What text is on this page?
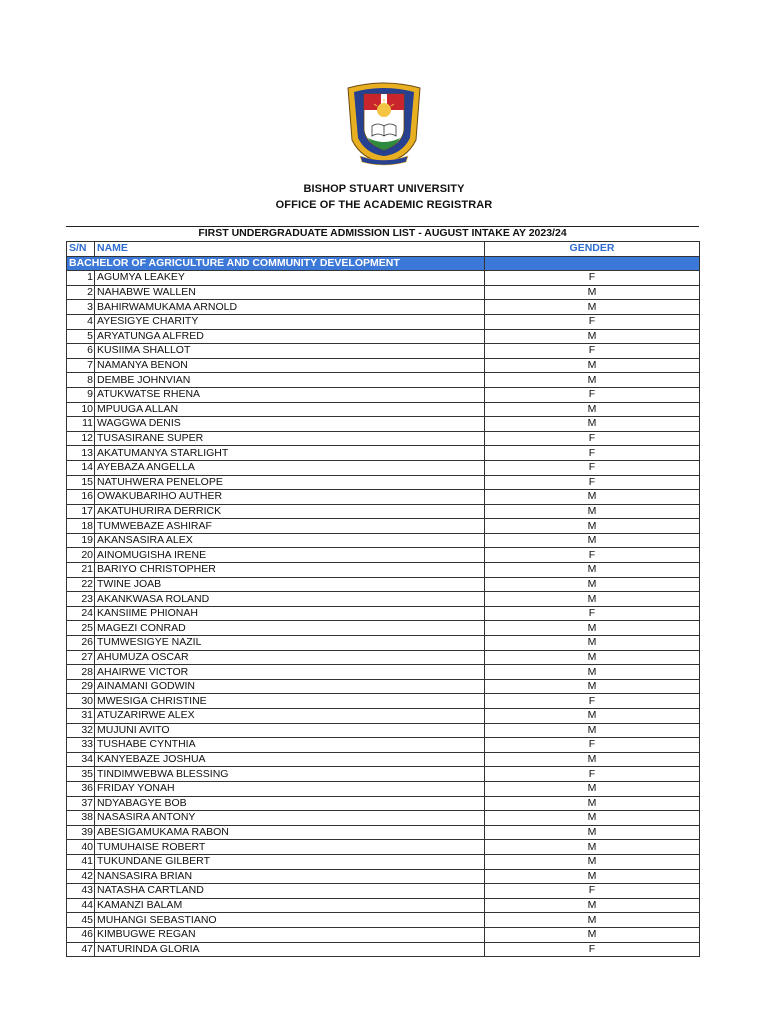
BISHOP STUART UNIVERSITY
OFFICE OF THE ACADEMIC REGISTRAR
FIRST UNDERGRADUATE ADMISSION LIST - AUGUST INTAKE AY 2023/24
S/N	NAME	GENDER
BACHELOR OF AGRICULTURE AND COMMUNITY DEVELOPMENT		
1	AGUMYA LEAKEY	F
2	NAHABWE WALLEN	M
3	BAHIRWAMUKAMA ARNOLD	M
4	AYESIGYE CHARITY	F
5	ARYATUNGA ALFRED	M
6	KUSIIMA SHALLOT	F
7	NAMANYA BENON	M
8	DEMBE JOHNVIAN	M
9	ATUKWATSE RHENA	F
10	MPUUGA ALLAN	M
11	WAGGWA DENIS	M
12	TUSASIRANE SUPER	F
13	AKATUMANYA STARLIGHT	F
14	AYEBAZA ANGELLA	F
15	NATUHWERA PENELOPE	F
16	OWAKUBARIHO AUTHER	M
17	AKATUHURIRA DERRICK	M
18	TUMWEBAZE ASHIRAF	M
19	AKANSASIRA ALEX	M
20	AINOMUGISHA IRENE	F
21	BARIYO CHRISTOPHER	M
22	TWINE JOAB	M
23	AKANKWASA ROLAND	M
24	KANSIIME PHIONAH	F
25	MAGEZI CONRAD	M
26	TUMWESIGYE NAZIL	M
27	AHUMUZA OSCAR	M
28	AHAIRWE VICTOR	M
29	AINAMANI GODWIN	M
30	MWESIGA CHRISTINE	F
31	ATUZARIRWE ALEX	M
32	MUJUNI AVITO	M
33	TUSHABE CYNTHIA	F
34	KANYEBAZE JOSHUA	M
35	TINDIMWEBWA BLESSING	F
36	FRIDAY YONAH	M
37	NDYABAGYE BOB	M
38	NASASIRA ANTONY	M
39	ABESIGAMUKAMA RABON	M
40	TUMUHAISE ROBERT	M
41	TUKUNDANE GILBERT	M
42	NANSASIRA BRIAN	M
43	NATASHA CARTLAND	F
44	KAMANZI BALAM	M
45	MUHANGI SEBASTIANO	M
46	KIMBUGWE REGAN	M
47	NATURINDA GLORIA	F
